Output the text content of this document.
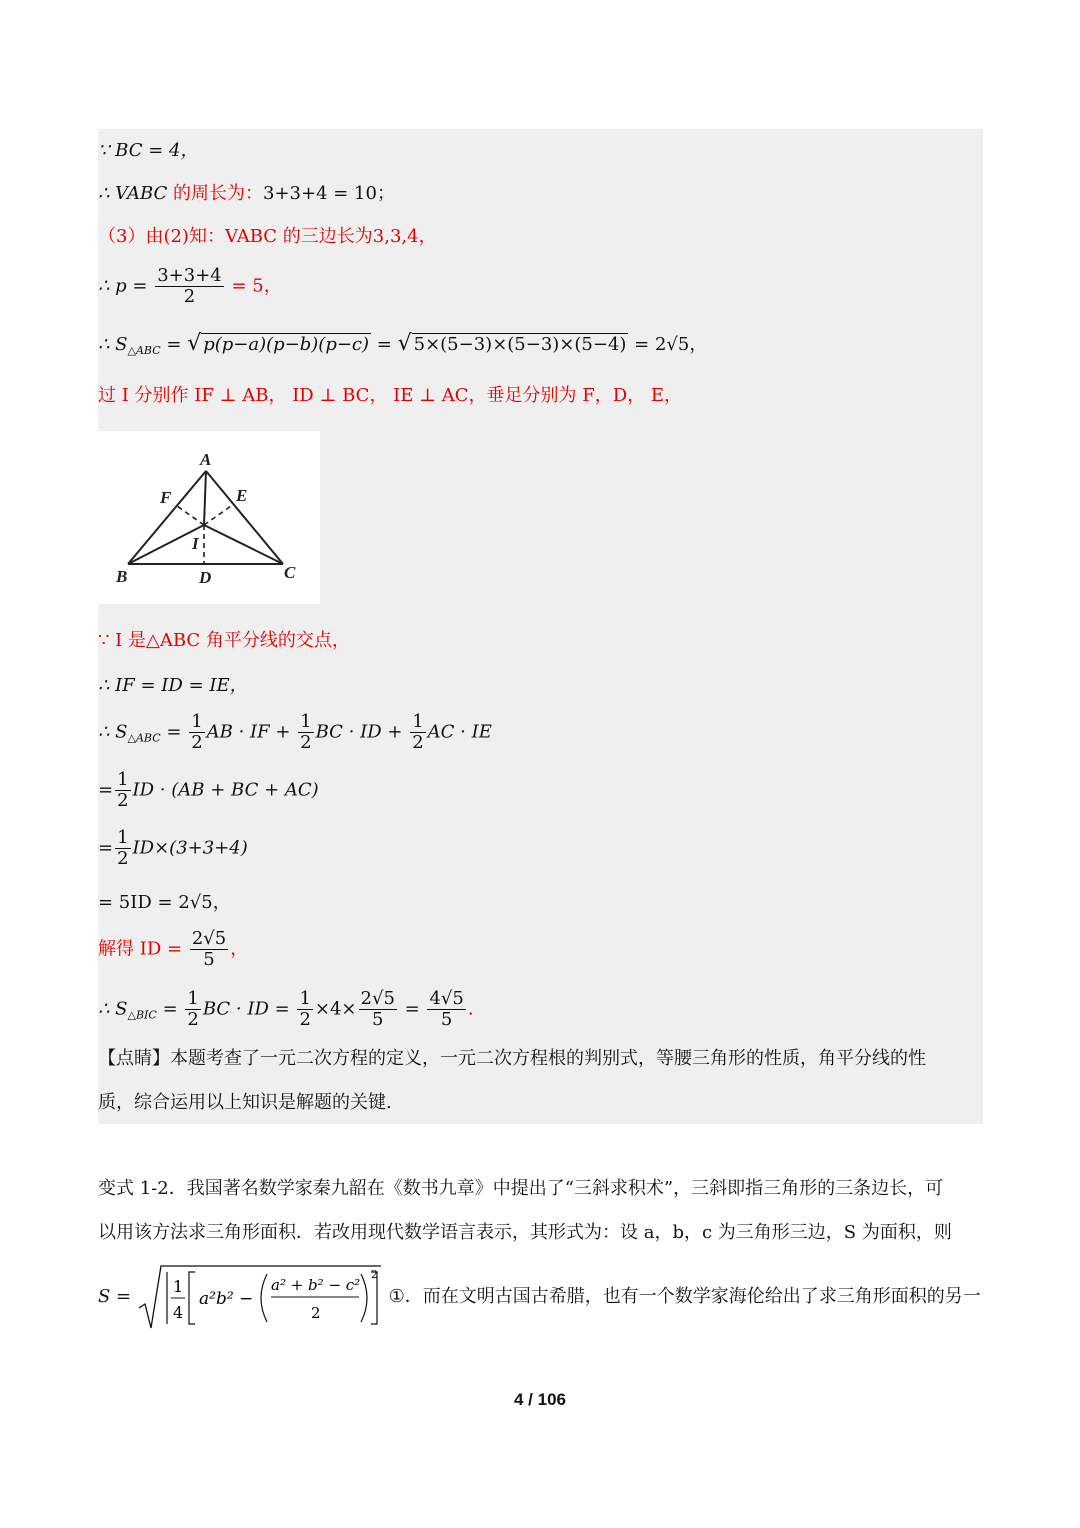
∵ BC = 4，
∴ VABC 的周长为：3+3+4 = 10；
（3）由(2)知：VABC 的三边长为3,3,4，
∴ $p = \frac{3+3+4}{2} = 5$，
∴ $S_{\triangle ABC}$ = √ p(p−a)(p−b)(p−c) = √ 5×(5−3)×(5−3)×(5−4) = 2√5，
过 I 分别作 IF ⊥ AB， ID ⊥ BC， IE ⊥ AC，垂足分别为 F，D， E，
A
F	E
I
B	D	C
∵ I 是△ABC 角平分线的交点，
∴ IF = ID = IE，
∴ $S_{\triangle ABC} = \frac{1}{2}$ AB · IF + $\frac{1}{2}$ BC · ID + $\frac{1}{2}$ AC · IE
= $\frac{1}{2}$ ID · (AB + BC + AC)
= $\frac{1}{2} ID\times(3+3+4)$
= 5ID = 2√5，
解得 ID = $\frac{2√5}{5}$ ，
∴ $S_{\triangle BIC} = \frac{1}{2}$ BC · ID = $\frac{1}{2} \times 4\times \frac{2√5}{5} = \frac{4√5}{5}$ .
【点睛】本题考查了一元二次方程的定义，一元二次方程根的判别式，等腰三角形的性质，角平分线的性
质，综合运用以上知识是解题的关键.
变式 1-2．我国著名数学家秦九韶在《数书九章》中提出了“三斜求积术”，三斜即指三角形的三条边长，可
以用该方法求三角形面积．若改用现代数学语言表示，其形式为：设 a，b，c 为三角形三边，S 为面积，则
S =	1
4
a²b² −
a² + b² − c²
2
2
①．而在文明古国古希腊，也有一个数学家海伦给出了求三角形面积的另一
4 / 106
